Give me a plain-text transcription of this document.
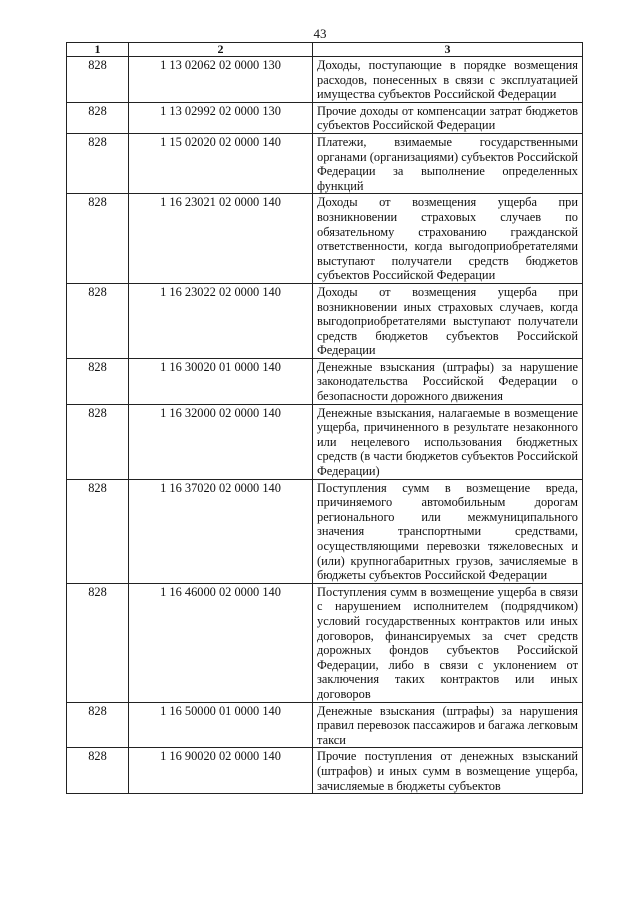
43
1	2	3
828	1 13 02062 02 0000 130	Доходы, поступающие в порядке возмещения расходов, понесенных в связи с эксплуатацией имущества субъектов Российской Федерации
828	1 13 02992 02 0000 130	Прочие доходы от компенсации затрат бюджетов субъектов Российской Федерации
828	1 15 02020 02 0000 140	Платежи, взимаемые государственными органами (организациями) субъектов Российской Федерации за выполнение определенных функций
828	1 16 23021 02 0000 140	Доходы от возмещения ущерба при возникновении страховых случаев по обязательному страхованию гражданской ответственности, когда выгодоприобретателями выступают получатели средств бюджетов субъектов Российской Федерации
828	1 16 23022 02 0000 140	Доходы от возмещения ущерба при возникновении иных страховых случаев, когда выгодоприобретателями выступают получатели средств бюджетов субъектов Российской Федерации
828	1 16 30020 01 0000 140	Денежные взыскания (штрафы) за нарушение законодательства Российской Федерации о безопасности дорожного движения
828	1 16 32000 02 0000 140	Денежные взыскания, налагаемые в возмещение ущерба, причиненного в результате незаконного или нецелевого использования бюджетных средств (в части бюджетов субъектов Российской Федерации)
828	1 16 37020 02 0000 140	Поступления сумм в возмещение вреда, причиняемого автомобильным дорогам регионального или межмуниципального значения транспортными средствами, осуществляющими перевозки тяжеловесных и (или) крупногабаритных грузов, зачисляемые в бюджеты субъектов Российской Федерации
828	1 16 46000 02 0000 140	Поступления сумм в возмещение ущерба в связи с нарушением исполнителем (подрядчиком) условий государственных контрактов или иных договоров, финансируемых за счет средств дорожных фондов субъектов Российской Федерации, либо в связи с уклонением от заключения таких контрактов или иных договоров
828	1 16 50000 01 0000 140	Денежные взыскания (штрафы) за нарушения правил перевозок пассажиров и багажа легковым такси
828	1 16 90020 02 0000 140	Прочие поступления от денежных взысканий (штрафов) и иных сумм в возмещение ущерба, зачисляемые в бюджеты субъектов
